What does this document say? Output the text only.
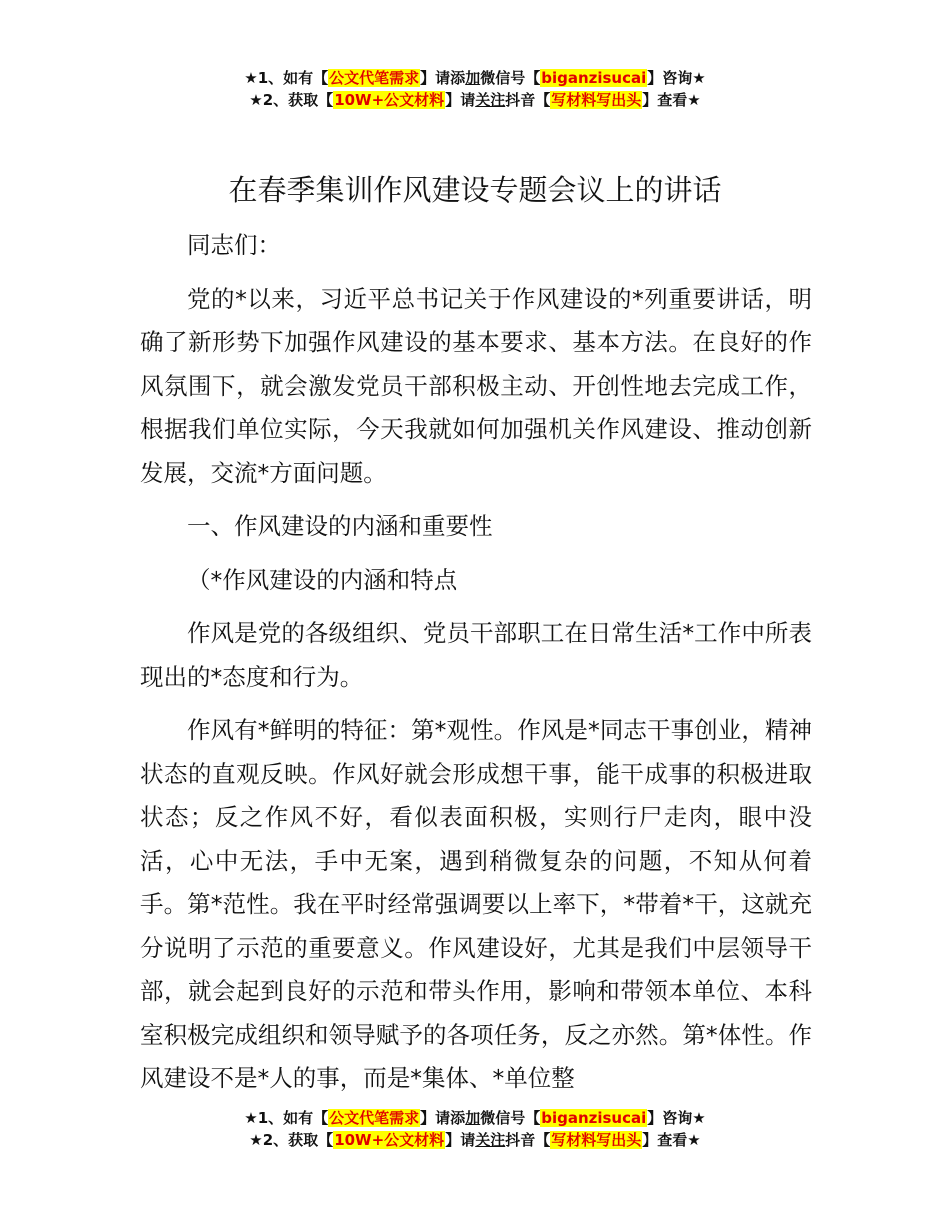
★1、如有【公文代笔需求】请添加微信号【biganzisucai】咨询★
★2、获取【10W+公文材料】请关注抖音【写材料写出头】查看★
在春季集训作风建设专题会议上的讲话

同志们：

党的*以来，习近平总书记关于作风建设的*列重要讲话，明确了新形势下加强作风建设的基本要求、基本方法。在良好的作风氛围下，就会激发党员干部积极主动、开创性地去完成工作，根据我们单位实际，今天我就如何加强机关作风建设、推动创新发展，交流*方面问题。

一、作风建设的内涵和重要性

（*作风建设的内涵和特点

作风是党的各级组织、党员干部职工在日常生活*工作中所表现出的*态度和行为。

作风有*鲜明的特征：第*观性。作风是*同志干事创业，精神状态的直观反映。作风好就会形成想干事，能干成事的积极进取状态；反之作风不好，看似表面积极，实则行尸走肉，眼中没活，心中无法，手中无案，遇到稍微复杂的问题，不知从何着手。第*范性。我在平时经常强调要以上率下，*带着*干，这就充分说明了示范的重要意义。作风建设好，尤其是我们中层领导干部，就会起到良好的示范和带头作用，影响和带领本单位、本科室积极完成组织和领导赋予的各项任务，反之亦然。第*体性。作风建设不是*人的事，而是*集体、*单位整

★1、如有【公文代笔需求】请添加微信号【biganzisucai】咨询★
★2、获取【10W+公文材料】请关注抖音【写材料写出头】查看★
